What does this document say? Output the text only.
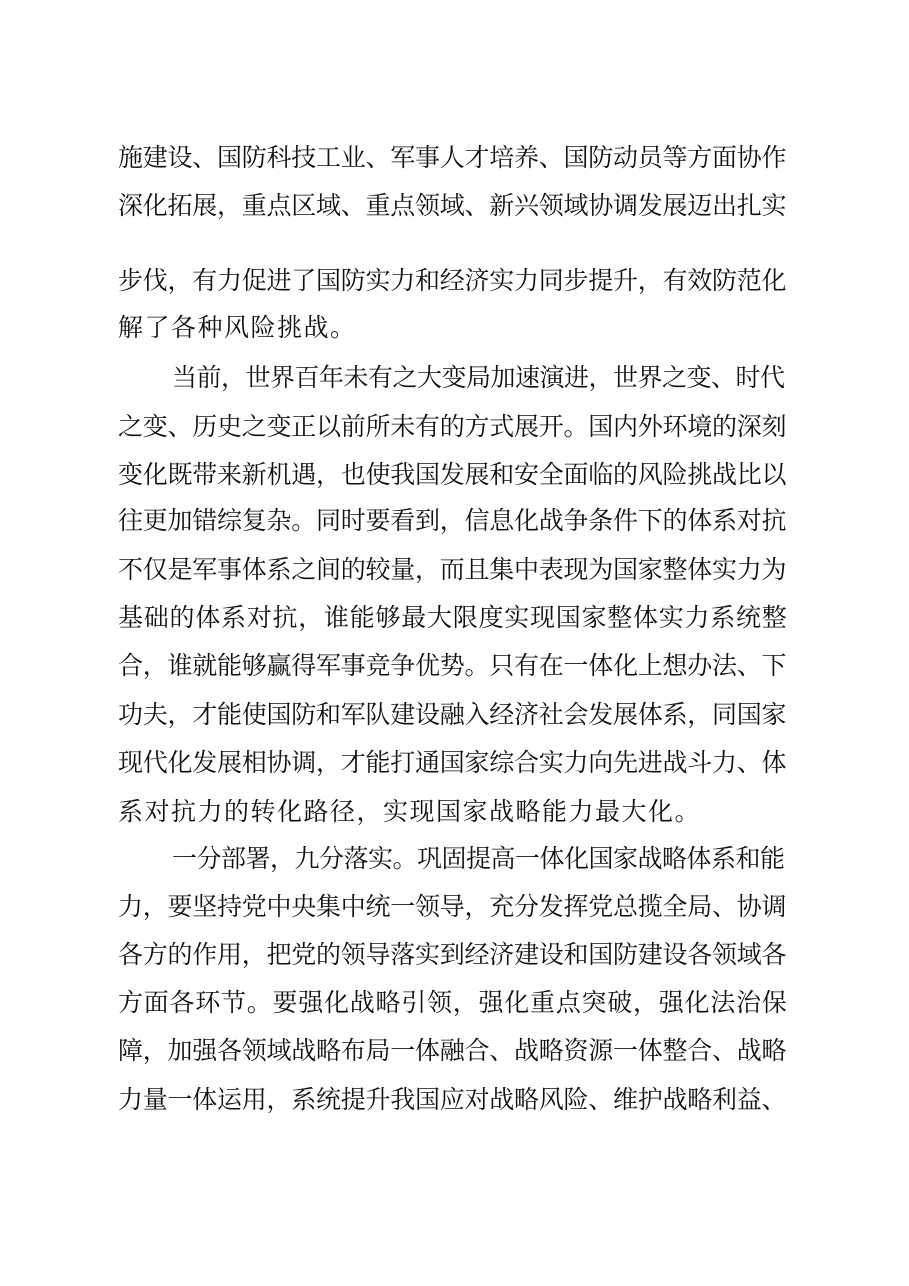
施建设、国防科技工业、军事人才培养、国防动员等方面协作
深化拓展，重点区域、重点领域、新兴领域协调发展迈出扎实
步伐，有力促进了国防实力和经济实力同步提升，有效防范化
解了各种风险挑战。
当前，世界百年未有之大变局加速演进，世界之变、时代
之变、历史之变正以前所未有的方式展开。国内外环境的深刻
变化既带来新机遇，也使我国发展和安全面临的风险挑战比以
往更加错综复杂。同时要看到，信息化战争条件下的体系对抗
不仅是军事体系之间的较量，而且集中表现为国家整体实力为
基础的体系对抗，谁能够最大限度实现国家整体实力系统整
合，谁就能够赢得军事竞争优势。只有在一体化上想办法、下
功夫，才能使国防和军队建设融入经济社会发展体系，同国家
现代化发展相协调，才能打通国家综合实力向先进战斗力、体
系对抗力的转化路径，实现国家战略能力最大化。
一分部署，九分落实。巩固提高一体化国家战略体系和能
力，要坚持党中央集中统一领导，充分发挥党总揽全局、协调
各方的作用，把党的领导落实到经济建设和国防建设各领域各
方面各环节。要强化战略引领，强化重点突破，强化法治保
障，加强各领域战略布局一体融合、战略资源一体整合、战略
力量一体运用，系统提升我国应对战略风险、维护战略利益、
